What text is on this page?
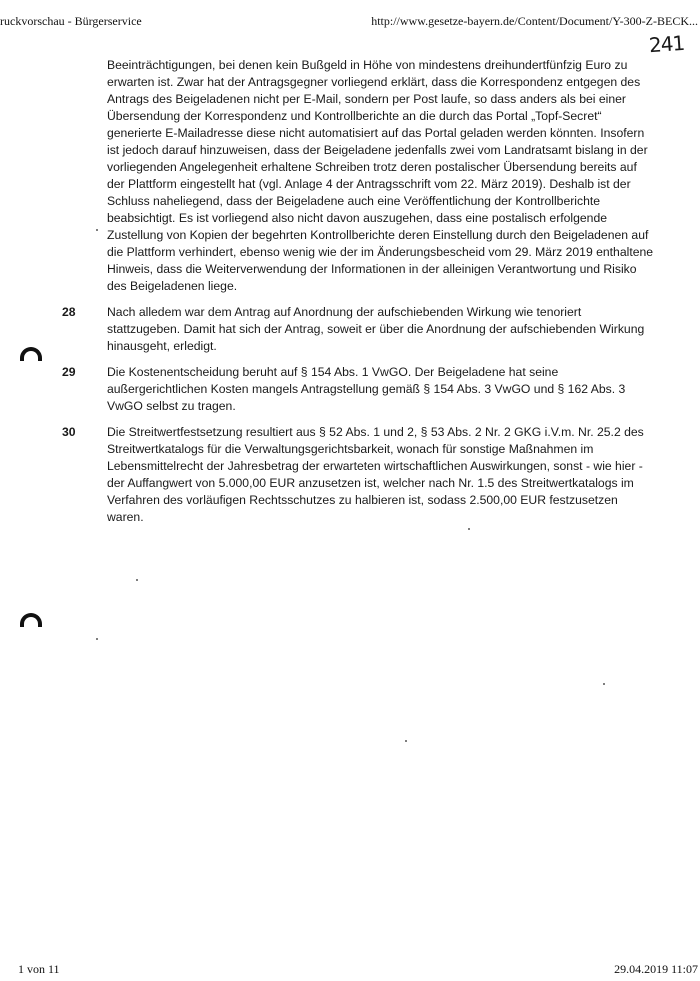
ruckvorschau - Bürgerservice	http://www.gesetze-bayern.de/Content/Document/Y-300-Z-BECK...
241

Beeinträchtigungen, bei denen kein Bußgeld in Höhe von mindestens dreihundertfünfzig Euro zu erwarten ist. Zwar hat der Antragsgegner vorliegend erklärt, dass die Korrespondenz entgegen des Antrags des Beigeladenen nicht per E-Mail, sondern per Post laufe, so dass anders als bei einer Übersendung der Korrespondenz und Kontrollberichte an die durch das Portal „Topf-Secret“ generierte E-Mailadresse diese nicht automatisiert auf das Portal geladen werden könnten. Insofern ist jedoch darauf hinzuweisen, dass der Beigeladene jedenfalls zwei vom Landratsamt bislang in der vorliegenden Angelegenheit erhaltene Schreiben trotz deren postalischer Übersendung bereits auf der Plattform eingestellt hat (vgl. Anlage 4 der Antragsschrift vom 22. März 2019). Deshalb ist der Schluss naheliegend, dass der Beigeladene auch eine Veröffentlichung der Kontrollberichte beabsichtigt. Es ist vorliegend also nicht davon auszugehen, dass eine postalisch erfolgende Zustellung von Kopien der begehrten Kontrollberichte deren Einstellung durch den Beigeladenen auf die Plattform verhindert, ebenso wenig wie der im Änderungsbescheid vom 29. März 2019 enthaltene Hinweis, dass die Weiterverwendung der Informationen in der alleinigen Verantwortung und Risiko des Beigeladenen liege.

28	Nach alledem war dem Antrag auf Anordnung der aufschiebenden Wirkung wie tenoriert stattzugeben. Damit hat sich der Antrag, soweit er über die Anordnung der aufschiebenden Wirkung hinausgeht, erledigt.

29	Die Kostenentscheidung beruht auf § 154 Abs. 1 VwGO. Der Beigeladene hat seine außergerichtlichen Kosten mangels Antragstellung gemäß § 154 Abs. 3 VwGO und § 162 Abs. 3 VwGO selbst zu tragen.

30	Die Streitwertfestsetzung resultiert aus § 52 Abs. 1 und 2, § 53 Abs. 2 Nr. 2 GKG i.V.m. Nr. 25.2 des Streitwertkatalogs für die Verwaltungsgerichtsbarkeit, wonach für sonstige Maßnahmen im Lebensmittelrecht der Jahresbetrag der erwarteten wirtschaftlichen Auswirkungen, sonst - wie hier - der Auffangwert von 5.000,00 EUR anzusetzen ist, welcher nach Nr. 1.5 des Streitwertkatalogs im Verfahren des vorläufigen Rechtsschutzes zu halbieren ist, sodass 2.500,00 EUR festzusetzen waren.

1 von 11	29.04.2019 11:07
